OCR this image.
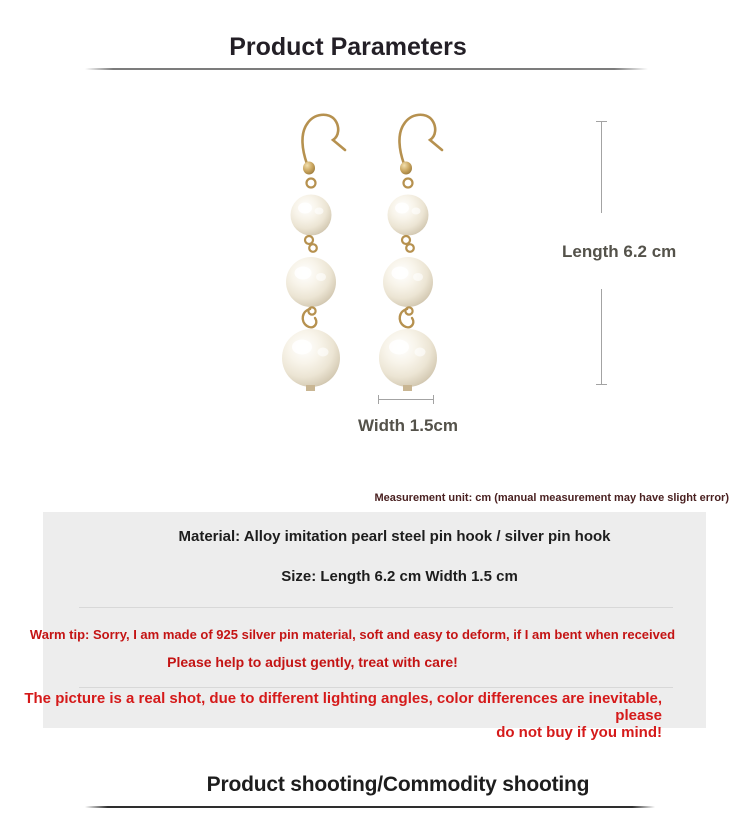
Product Parameters
Length 6.2 cm
Width 1.5cm
Measurement unit: cm (manual measurement may have slight error)
Material: Alloy imitation pearl steel pin hook / silver pin hook
Size: Length 6.2 cm Width 1.5 cm
Warm tip: Sorry, I am made of 925 silver pin material, soft and easy to deform, if I am bent when received
Please help to adjust gently, treat with care!
The picture is a real shot, due to different lighting angles, color differences are inevitable, please
do not buy if you mind!
Product shooting/Commodity shooting
